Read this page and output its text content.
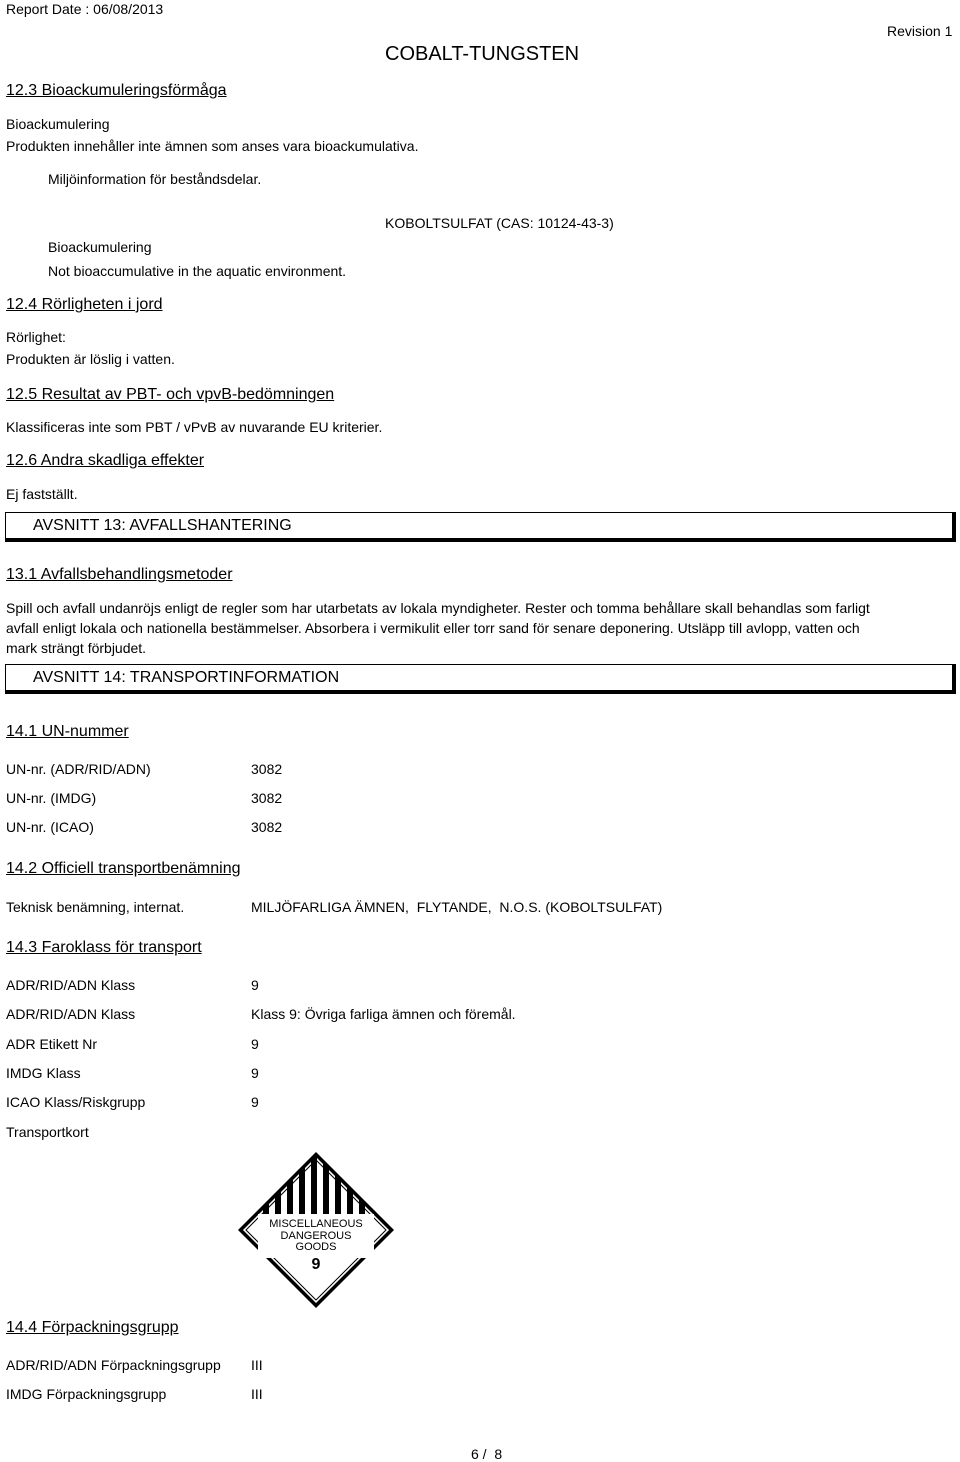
Report Date : 06/08/2013
Revision 1
COBALT-TUNGSTEN
12.3 Bioackumuleringsförmåga
Bioackumulering
Produkten innehåller inte ämnen som anses vara bioackumulativa.
Miljöinformation för beståndsdelar.
KOBOLTSULFAT (CAS: 10124-43-3)
Bioackumulering
Not bioaccumulative in the aquatic environment.
12.4 Rörligheten i jord
Rörlighet:
Produkten är löslig i vatten.
12.5 Resultat av PBT- och vpvB-bedömningen
Klassificeras inte som PBT / vPvB av nuvarande EU kriterier.
12.6 Andra skadliga effekter
Ej fastställt.
AVSNITT 13: AVFALLSHANTERING
13.1 Avfallsbehandlingsmetoder
Spill och avfall undanröjs enligt de regler som har utarbetats av lokala myndigheter. Rester och tomma behållare skall behandlas som farligt avfall enligt lokala och nationella bestämmelser. Absorbera i vermikulit eller torr sand för senare deponering. Utsläpp till avlopp, vatten och mark strängt förbjudet.
AVSNITT 14: TRANSPORTINFORMATION
14.1 UN-nummer
UN-nr. (ADR/RID/ADN)	3082
UN-nr. (IMDG)	3082
UN-nr. (ICAO)	3082
14.2 Officiell transportbenämning
Teknisk benämning, internat.	MILJÖFARLIGA ÄMNEN,  FLYTANDE,  N.O.S. (KOBOLTSULFAT)
14.3 Faroklass för transport
ADR/RID/ADN Klass	9
ADR/RID/ADN Klass	Klass 9: Övriga farliga ämnen och föremål.
ADR Etikett Nr	9
IMDG Klass	9
ICAO Klass/Riskgrupp	9
Transportkort
MISCELLANEOUS
DANGEROUS
GOODS
9
14.4 Förpackningsgrupp
ADR/RID/ADN Förpackningsgrupp III
IMDG Förpackningsgrupp	III
6 /  8
